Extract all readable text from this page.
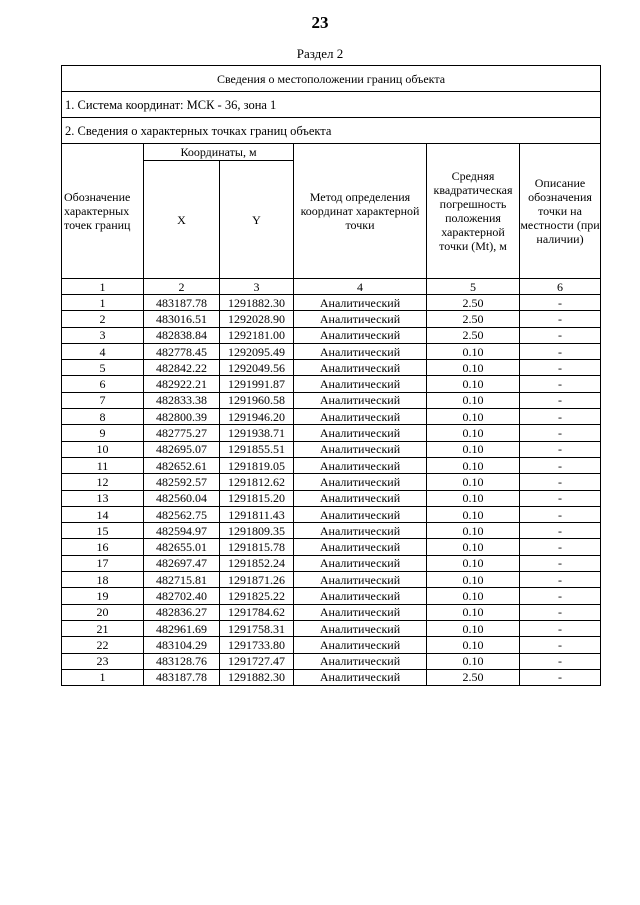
23
Раздел 2
Сведения о местоположении границ объекта					
1. Система координат: МСК - 36, зона 1					
2. Сведения о характерных точках границ объекта					
Обозначение характерных точек границ	Координаты, м		Метод определения координат характерной точки	Средняя квадратическая погрешность положения характерной точки (Mt), м	Описание обозначения точки на местности (при наличии)
	X	Y			
1	2	3	4	5	6
1	483187.78	1291882.30	Аналитический	2.50	-
2	483016.51	1292028.90	Аналитический	2.50	-
3	482838.84	1292181.00	Аналитический	2.50	-
4	482778.45	1292095.49	Аналитический	0.10	-
5	482842.22	1292049.56	Аналитический	0.10	-
6	482922.21	1291991.87	Аналитический	0.10	-
7	482833.38	1291960.58	Аналитический	0.10	-
8	482800.39	1291946.20	Аналитический	0.10	-
9	482775.27	1291938.71	Аналитический	0.10	-
10	482695.07	1291855.51	Аналитический	0.10	-
11	482652.61	1291819.05	Аналитический	0.10	-
12	482592.57	1291812.62	Аналитический	0.10	-
13	482560.04	1291815.20	Аналитический	0.10	-
14	482562.75	1291811.43	Аналитический	0.10	-
15	482594.97	1291809.35	Аналитический	0.10	-
16	482655.01	1291815.78	Аналитический	0.10	-
17	482697.47	1291852.24	Аналитический	0.10	-
18	482715.81	1291871.26	Аналитический	0.10	-
19	482702.40	1291825.22	Аналитический	0.10	-
20	482836.27	1291784.62	Аналитический	0.10	-
21	482961.69	1291758.31	Аналитический	0.10	-
22	483104.29	1291733.80	Аналитический	0.10	-
23	483128.76	1291727.47	Аналитический	0.10	-
1	483187.78	1291882.30	Аналитический	2.50	-
